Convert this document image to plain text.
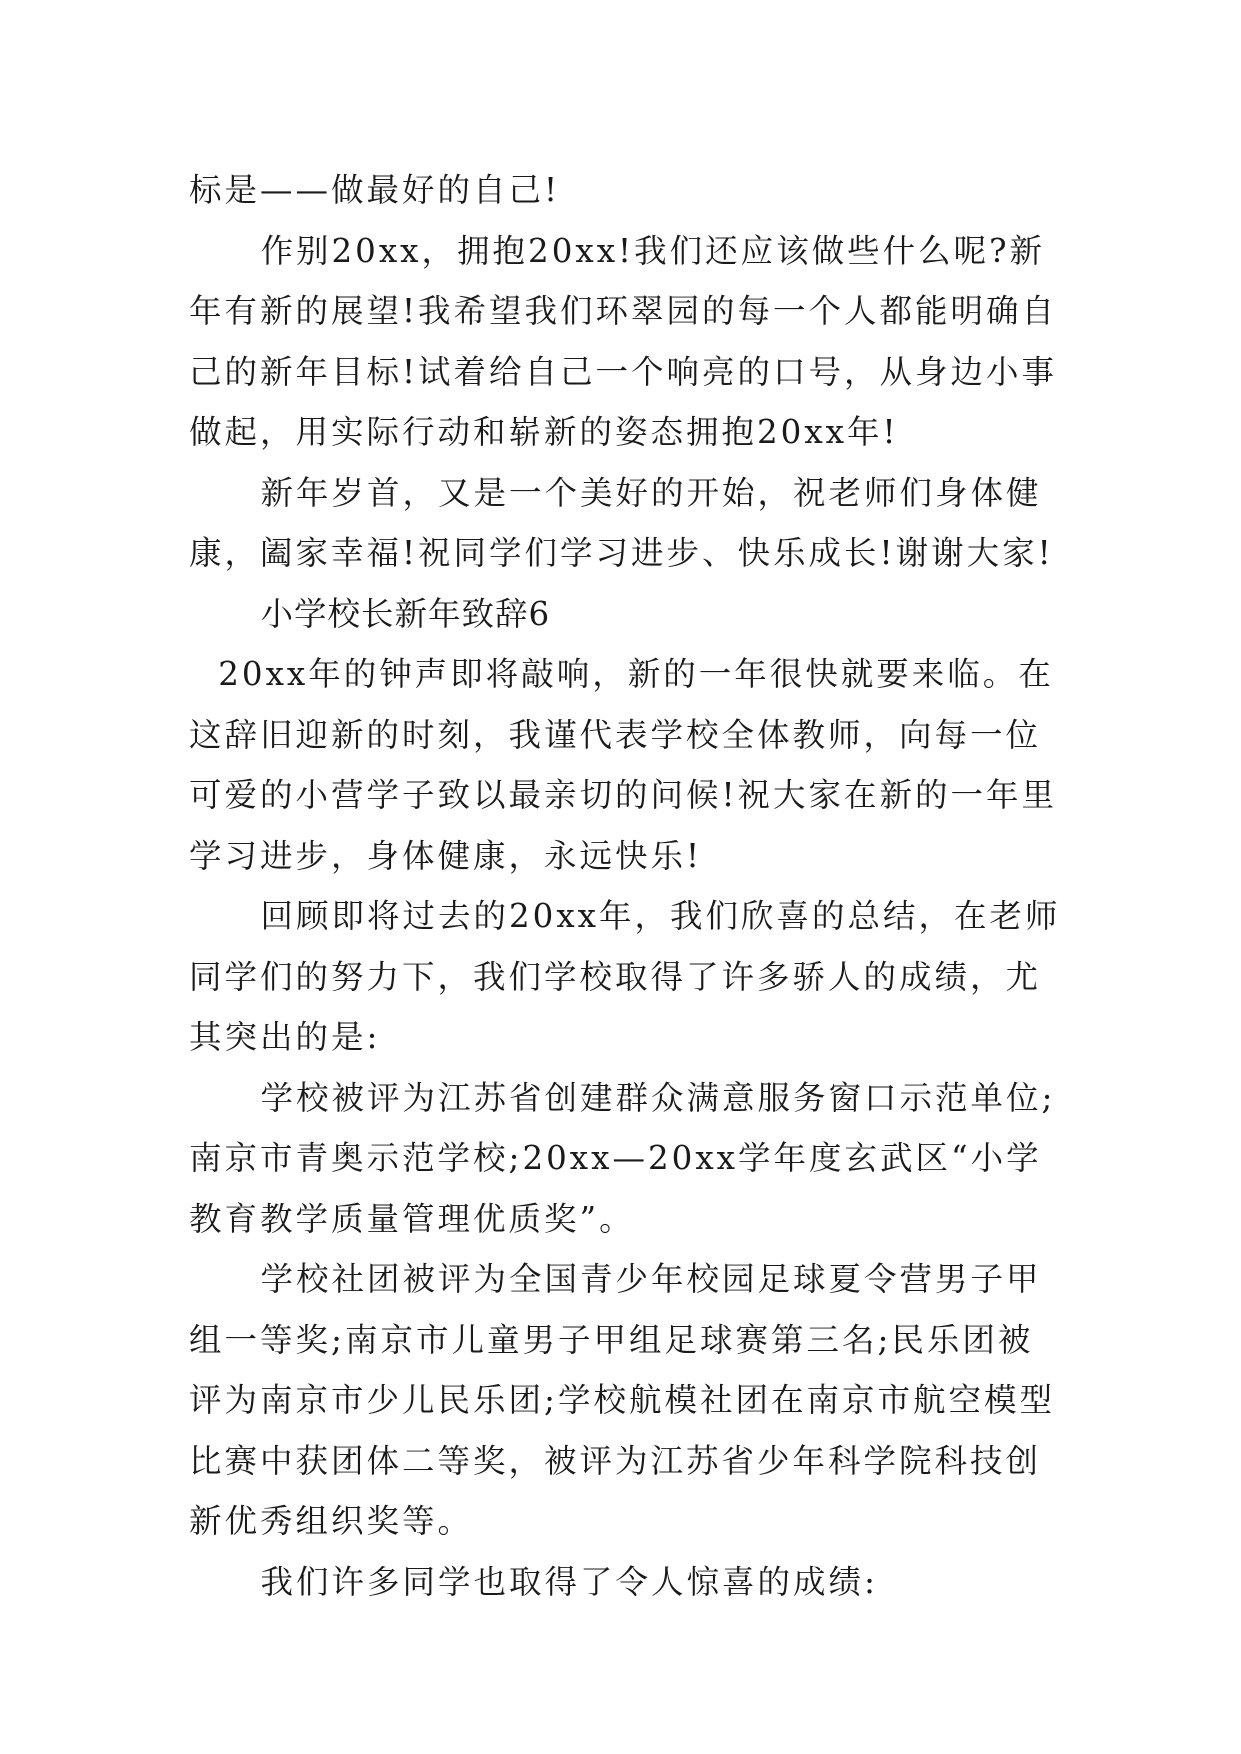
标是——做最好的自己!

作别20xx，拥抱20xx!我们还应该做些什么呢?新年有新的展望!我希望我们环翠园的每一个人都能明确自己的新年目标!试着给自己一个响亮的口号，从身边小事做起，用实际行动和崭新的姿态拥抱20xx年!

新年岁首，又是一个美好的开始，祝老师们身体健康，阖家幸福!祝同学们学习进步、快乐成长!谢谢大家!

小学校长新年致辞6

20xx年的钟声即将敲响，新的一年很快就要来临。在这辞旧迎新的时刻，我谨代表学校全体教师，向每一位可爱的小营学子致以最亲切的问候!祝大家在新的一年里学习进步，身体健康，永远快乐!

回顾即将过去的20xx年，我们欣喜的总结，在老师同学们的努力下，我们学校取得了许多骄人的成绩，尤其突出的是:

学校被评为江苏省创建群众满意服务窗口示范单位;南京市青奥示范学校;20xx—20xx学年度玄武区“小学教育教学质量管理优质奖”。

学校社团被评为全国青少年校园足球夏令营男子甲组一等奖;南京市儿童男子甲组足球赛第三名;民乐团被评为南京市少儿民乐团;学校航模社团在南京市航空模型比赛中获团体二等奖，被评为江苏省少年科学院科技创新优秀组织奖等。

我们许多同学也取得了令人惊喜的成绩:
